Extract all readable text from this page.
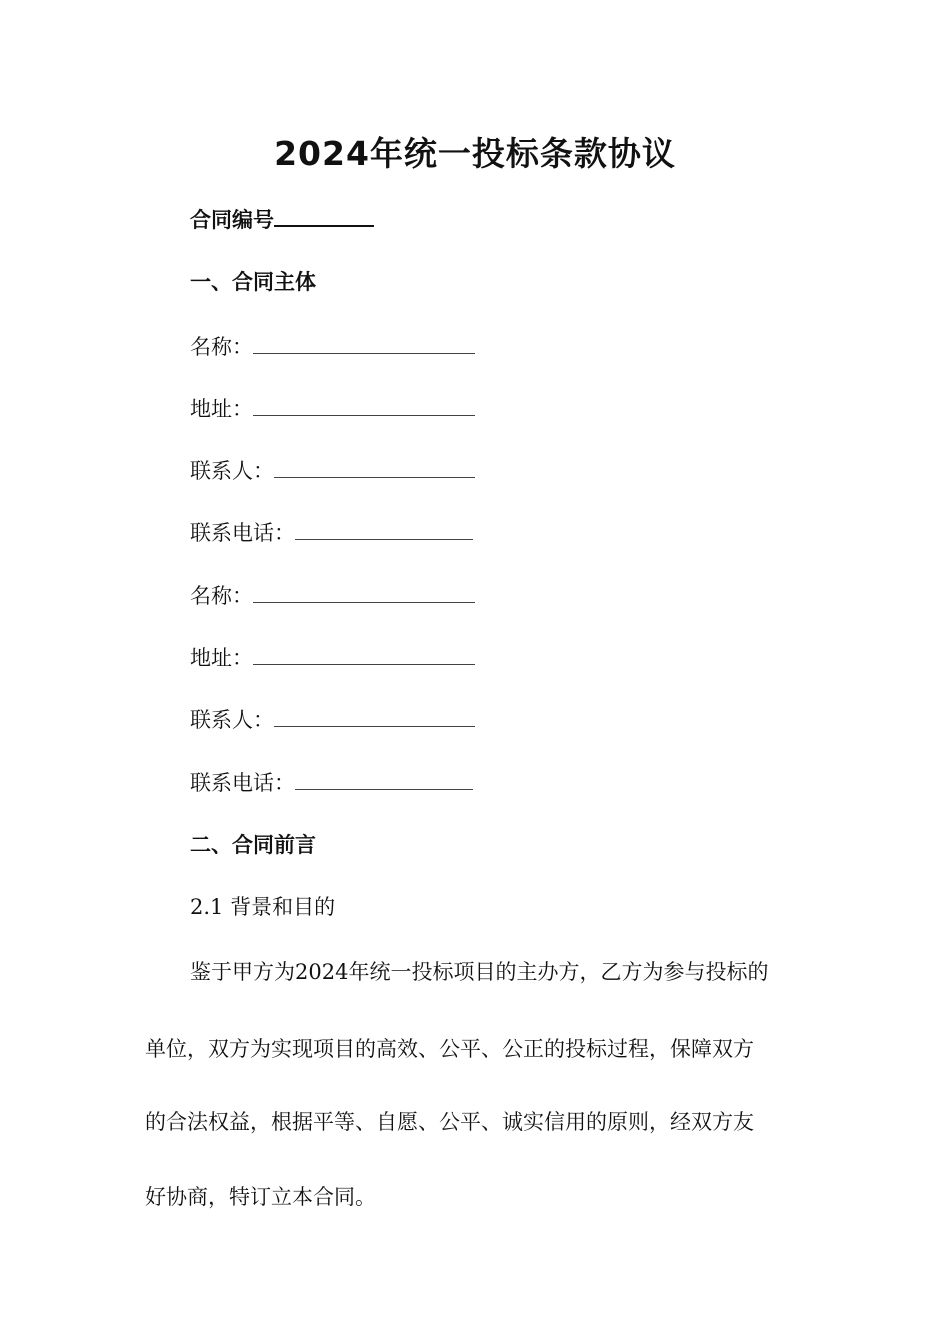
2024年统一投标条款协议
合同编号
一、合同主体
名称：
地址：
联系人：
联系电话：
名称：
地址：
联系人：
联系电话：
二、合同前言
2.1 背景和目的
鉴于甲方为2024年统一投标项目的主办方，乙方为参与投标的
单位，双方为实现项目的高效、公平、公正的投标过程，保障双方
的合法权益，根据平等、自愿、公平、诚实信用的原则，经双方友
好协商，特订立本合同。
